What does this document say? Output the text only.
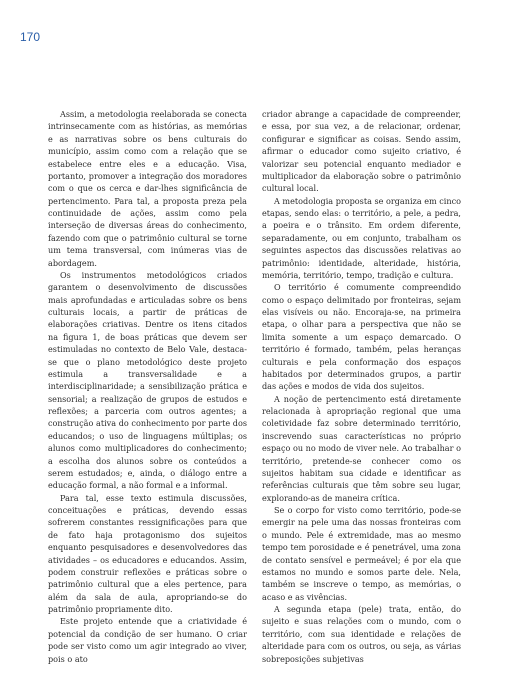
170

Assim, a metodologia reelaborada se conecta intrinsecamente com as histórias, as memórias e as narrativas sobre os bens culturais do município, assim como com a relação que se estabelece entre eles e a educação. Visa, portanto, promover a integração dos moradores com o que os cerca e dar-lhes significância de pertencimento. Para tal, a proposta preza pela continuidade de ações, assim como pela interseção de diversas áreas do conhecimento, fazendo com que o patrimônio cultural se torne um tema transversal, com inúmeras vias de abordagem.

Os instrumentos metodológicos criados garantem o desenvolvimento de discussões mais aprofundadas e articuladas sobre os bens culturais locais, a partir de práticas de elaborações criativas. Dentre os itens citados na figura 1, de boas práticas que devem ser estimuladas no contexto de Belo Vale, destaca-se que o plano metodológico deste projeto estimula a transversalidade e a interdisciplinaridade; a sensibilização prática e sensorial; a realização de grupos de estudos e reflexões; a parceria com outros agentes; a construção ativa do conhecimento por parte dos educandos; o uso de linguagens múltiplas; os alunos como multiplicadores do conhecimento; a escolha dos alunos sobre os conteúdos a serem estudados; e, ainda, o diálogo entre a educação formal, a não formal e a informal.

Para tal, esse texto estimula discussões, conceituações e práticas, devendo essas sofrerem constantes ressignificações para que de fato haja protagonismo dos sujeitos enquanto pesquisadores e desenvolvedores das atividades – os educadores e educandos. Assim, podem construir reflexões e práticas sobre o patrimônio cultural que a eles pertence, para além da sala de aula, apropriando-se do patrimônio propriamente dito.

Este projeto entende que a criatividade é potencial da condição de ser humano. O criar pode ser visto como um agir integrado ao viver, pois o ato

criador abrange a capacidade de compreender, e essa, por sua vez, a de relacionar, ordenar, configurar e significar as coisas. Sendo assim, afirmar o educador como sujeito criativo, é valorizar seu potencial enquanto mediador e multiplicador da elaboração sobre o patrimônio cultural local.

A metodologia proposta se organiza em cinco etapas, sendo elas: o território, a pele, a pedra, a poeira e o trânsito. Em ordem diferente, separadamente, ou em conjunto, trabalham os seguintes aspectos das discussões relativas ao patrimônio: identidade, alteridade, história, memória, território, tempo, tradição e cultura.

O território é comumente compreendido como o espaço delimitado por fronteiras, sejam elas visíveis ou não. Encoraja-se, na primeira etapa, o olhar para a perspectiva que não se limita somente a um espaço demarcado. O território é formado, também, pelas heranças culturais e pela conformação dos espaços habitados por determinados grupos, a partir das ações e modos de vida dos sujeitos.

A noção de pertencimento está diretamente relacionada à apropriação regional que uma coletividade faz sobre determinado território, inscrevendo suas características no próprio espaço ou no modo de viver nele. Ao trabalhar o território, pretende-se conhecer como os sujeitos habitam sua cidade e identificar as referências culturais que têm sobre seu lugar, explorando-as de maneira crítica.

Se o corpo for visto como território, pode-se emergir na pele uma das nossas fronteiras com o mundo. Pele é extremidade, mas ao mesmo tempo tem porosidade e é penetrável, uma zona de contato sensível e permeável; é por ela que estamos no mundo e somos parte dele. Nela, também se inscreve o tempo, as memórias, o acaso e as vivências.

A segunda etapa (pele) trata, então, do sujeito e suas relações com o mundo, com o território, com sua identidade e relações de alteridade para com os outros, ou seja, as várias sobreposições subjetivas
